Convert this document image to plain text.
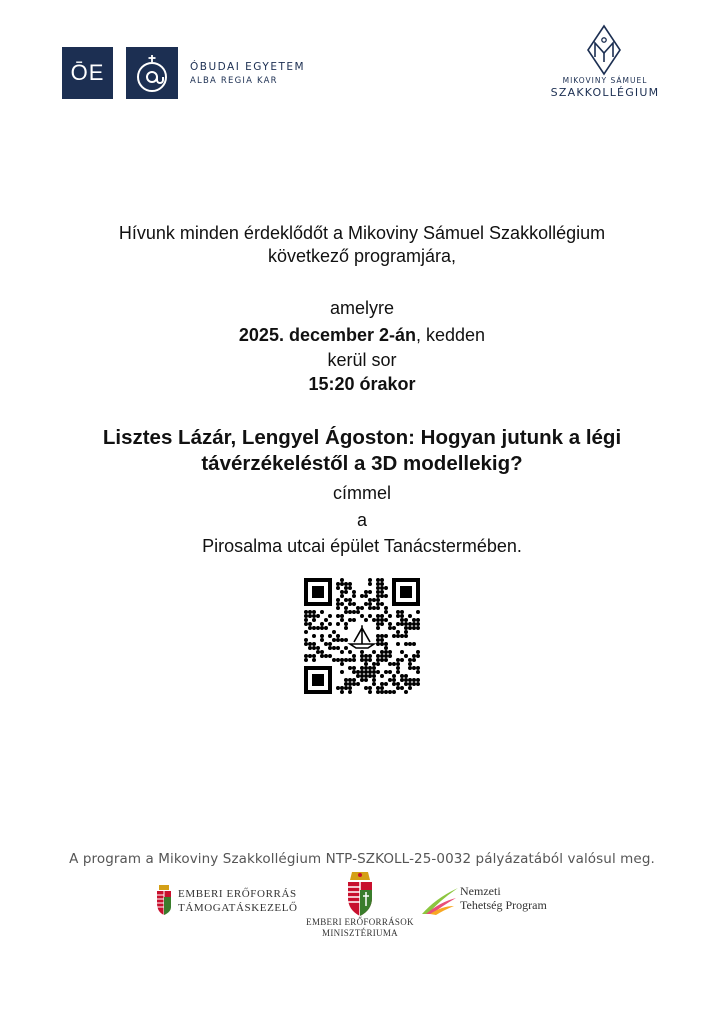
ŌE	ÓBUDAI EGYETEM
ALBA REGIA KAR	MIKOVINY SÁMUEL
SZAKKOLLÉGIUM
Hívunk minden érdeklődőt a Mikoviny Sámuel Szakkollégium
következő programjára,
amelyre
2025. december 2-án, kedden
kerül sor
15:20 órakor
Lisztes Lázár, Lengyel Ágoston: Hogyan jutunk a légi
távérzékeléstől a 3D modellekig?
címmel
a
Pirosalma utcai épület Tanácstermében.
A program a Mikoviny Szakkollégium NTP-SZKOLL-25-0032 pályázatából valósul meg.
EMBERI ERŐFORRÁS
TÁMOGATÁSKEZELŐ
EMBERI ERŐFORRÁSOK
MINISZTÉRIUMA
Nemzeti
Tehetség Program
